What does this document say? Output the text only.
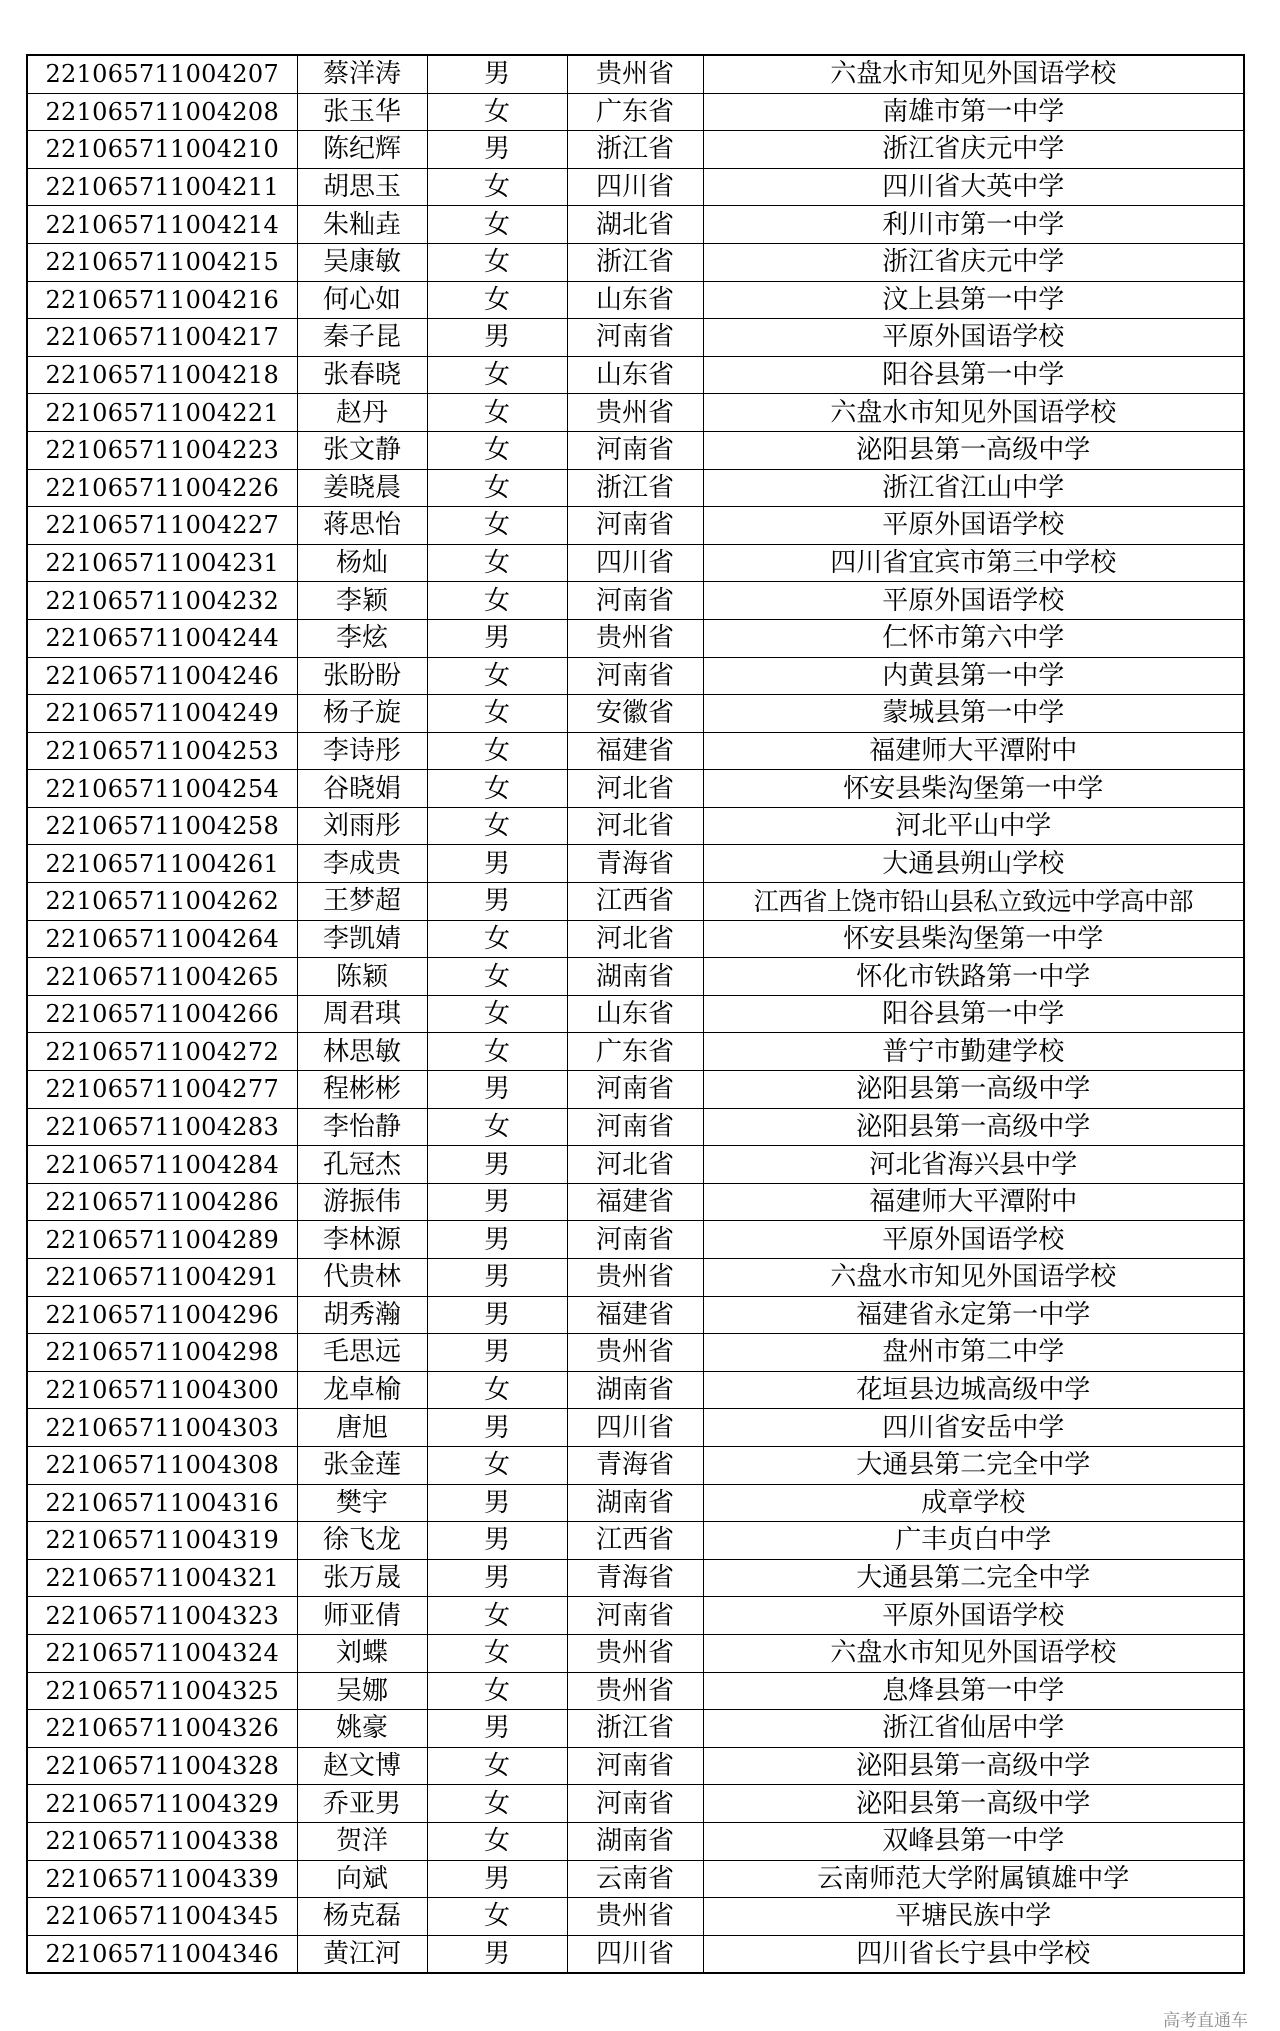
221065711004207	蔡洋涛	男	贵州省	六盘水市知见外国语学校
221065711004208	张玉华	女	广东省	南雄市第一中学
221065711004210	陈纪辉	男	浙江省	浙江省庆元中学
221065711004211	胡思玉	女	四川省	四川省大英中学
221065711004214	朱籼垚	女	湖北省	利川市第一中学
221065711004215	吴康敏	女	浙江省	浙江省庆元中学
221065711004216	何心如	女	山东省	汶上县第一中学
221065711004217	秦子昆	男	河南省	平原外国语学校
221065711004218	张春晓	女	山东省	阳谷县第一中学
221065711004221	赵丹	女	贵州省	六盘水市知见外国语学校
221065711004223	张文静	女	河南省	泌阳县第一高级中学
221065711004226	姜晓晨	女	浙江省	浙江省江山中学
221065711004227	蒋思怡	女	河南省	平原外国语学校
221065711004231	杨灿	女	四川省	四川省宜宾市第三中学校
221065711004232	李颖	女	河南省	平原外国语学校
221065711004244	李炫	男	贵州省	仁怀市第六中学
221065711004246	张盼盼	女	河南省	内黄县第一中学
221065711004249	杨子旋	女	安徽省	蒙城县第一中学
221065711004253	李诗彤	女	福建省	福建师大平潭附中
221065711004254	谷晓娟	女	河北省	怀安县柴沟堡第一中学
221065711004258	刘雨彤	女	河北省	河北平山中学
221065711004261	李成贵	男	青海省	大通县朔山学校
221065711004262	王梦超	男	江西省	江西省上饶市铅山县私立致远中学高中部
221065711004264	李凯婧	女	河北省	怀安县柴沟堡第一中学
221065711004265	陈颖	女	湖南省	怀化市铁路第一中学
221065711004266	周君琪	女	山东省	阳谷县第一中学
221065711004272	林思敏	女	广东省	普宁市勤建学校
221065711004277	程彬彬	男	河南省	泌阳县第一高级中学
221065711004283	李怡静	女	河南省	泌阳县第一高级中学
221065711004284	孔冠杰	男	河北省	河北省海兴县中学
221065711004286	游振伟	男	福建省	福建师大平潭附中
221065711004289	李林源	男	河南省	平原外国语学校
221065711004291	代贵林	男	贵州省	六盘水市知见外国语学校
221065711004296	胡秀瀚	男	福建省	福建省永定第一中学
221065711004298	毛思远	男	贵州省	盘州市第二中学
221065711004300	龙卓榆	女	湖南省	花垣县边城高级中学
221065711004303	唐旭	男	四川省	四川省安岳中学
221065711004308	张金莲	女	青海省	大通县第二完全中学
221065711004316	樊宇	男	湖南省	成章学校
221065711004319	徐飞龙	男	江西省	广丰贞白中学
221065711004321	张万晟	男	青海省	大通县第二完全中学
221065711004323	师亚倩	女	河南省	平原外国语学校
221065711004324	刘蝶	女	贵州省	六盘水市知见外国语学校
221065711004325	吴娜	女	贵州省	息烽县第一中学
221065711004326	姚豪	男	浙江省	浙江省仙居中学
221065711004328	赵文博	女	河南省	泌阳县第一高级中学
221065711004329	乔亚男	女	河南省	泌阳县第一高级中学
221065711004338	贺洋	女	湖南省	双峰县第一中学
221065711004339	向斌	男	云南省	云南师范大学附属镇雄中学
221065711004345	杨克磊	女	贵州省	平塘民族中学
221065711004346	黄江河	男	四川省	四川省长宁县中学校
高考直通车
